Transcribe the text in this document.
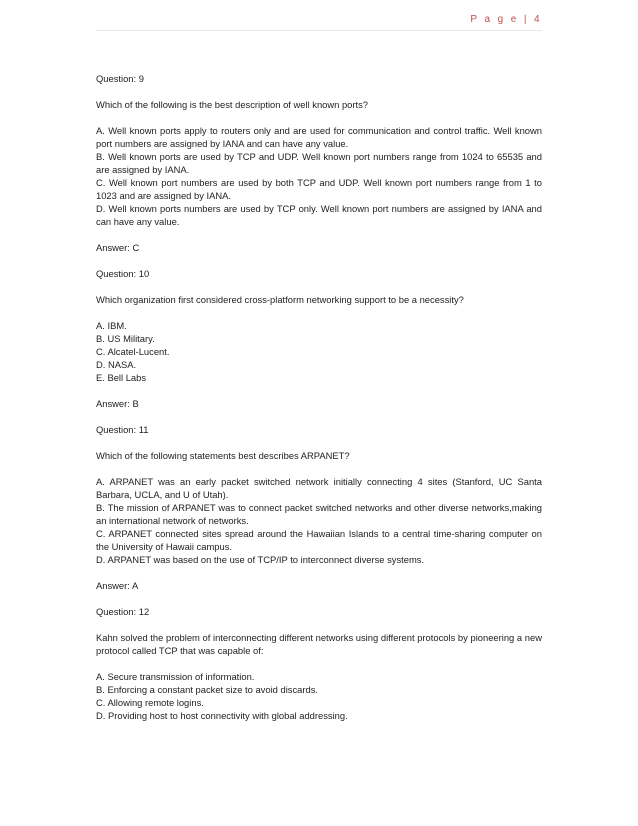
P a g e | 4
Question: 9
Which of the following is the best description of well known ports?
A. Well known ports apply to routers only and are used for communication and control traffic. Well known port numbers are assigned by IANA and can have any value.
B. Well known ports are used by TCP and UDP. Well known port numbers range from 1024 to 65535 and are assigned by IANA.
C. Well known port numbers are used by both TCP and UDP. Well known port numbers range from 1 to 1023 and are assigned by IANA.
D. Well known ports numbers are used by TCP only. Well known port numbers are assigned by IANA and can have any value.
Answer: C
Question: 10
Which organization first considered cross-platform networking support to be a necessity?
A. IBM.
B. US Military.
C. Alcatel-Lucent.
D. NASA.
E. Bell Labs
Answer: B
Question: 11
Which of the following statements best describes ARPANET?
A. ARPANET was an early packet switched network initially connecting 4 sites (Stanford, UC Santa Barbara, UCLA, and U of Utah).
B. The mission of ARPANET was to connect packet switched networks and other diverse networks,making an international network of networks.
C. ARPANET connected sites spread around the Hawaiian Islands to a central time-sharing computer on the University of Hawaii campus.
D. ARPANET was based on the use of TCP/IP to interconnect diverse systems.
Answer: A
Question: 12
Kahn solved the problem of interconnecting different networks using different protocols by pioneering a new protocol called TCP that was capable of:
A. Secure transmission of information.
B. Enforcing a constant packet size to avoid discards.
C. Allowing remote logins.
D. Providing host to host connectivity with global addressing.
